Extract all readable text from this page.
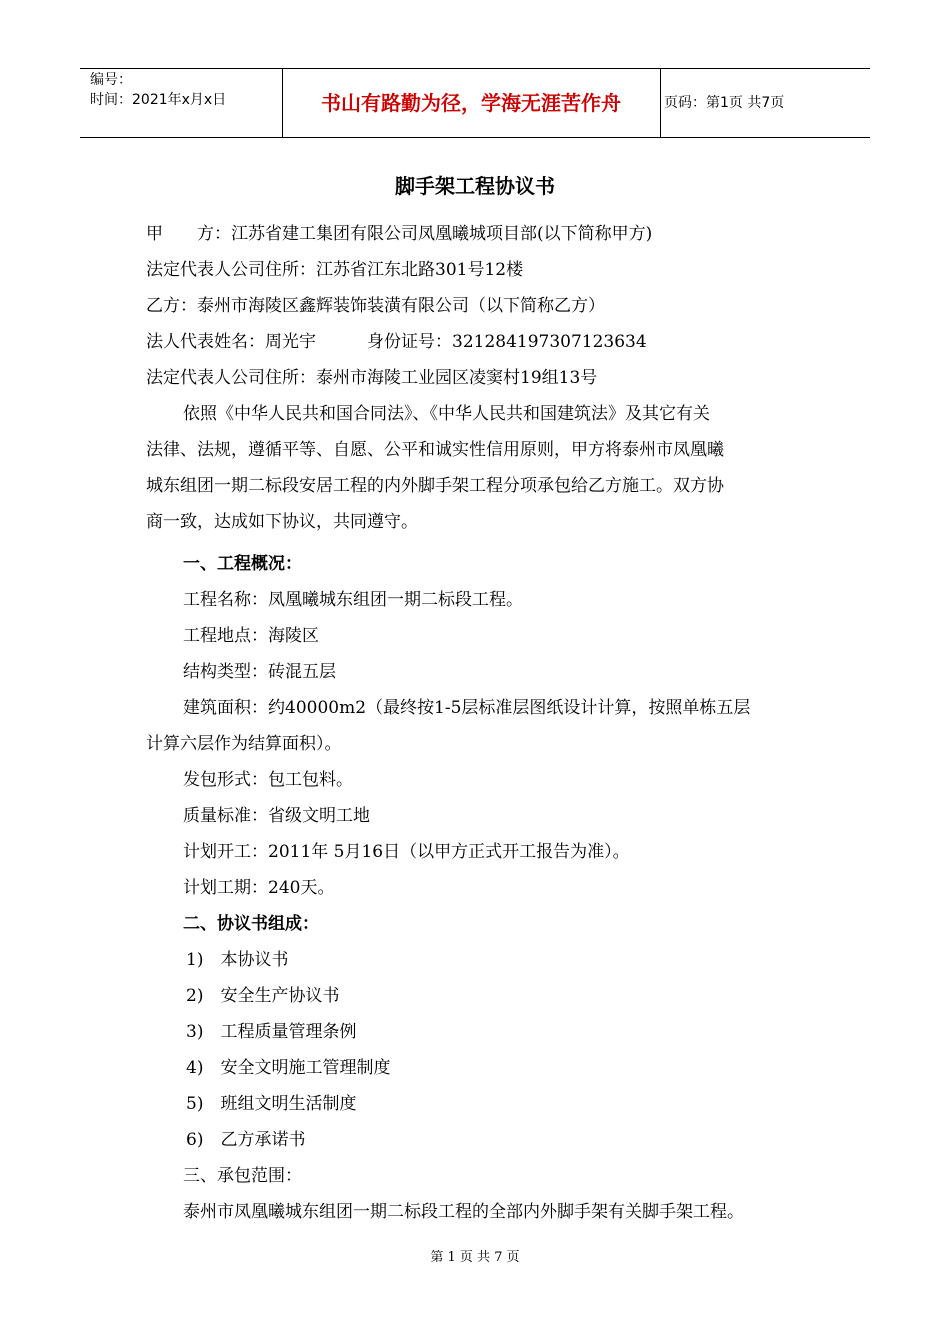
编号：
时间：2021年x月x日	书山有路勤为径，学海无涯苦作舟	页码：第1页 共7页
脚手架工程协议书
甲　　方：江苏省建工集团有限公司凤凰曦城项目部(以下简称甲方)
法定代表人公司住所：江苏省江东北路301号12楼
乙方：泰州市海陵区鑫辉装饰装潢有限公司（以下简称乙方）
法人代表姓名：周光宇　　　身份证号：321284197307123634
法定代表人公司住所：泰州市海陵工业园区凌窦村19组13号
依照《中华人民共和国合同法》、《中华人民共和国建筑法》及其它有关
法律、法规，遵循平等、自愿、公平和诚实性信用原则，甲方将泰州市凤凰曦
城东组团一期二标段安居工程的内外脚手架工程分项承包给乙方施工。双方协
商一致，达成如下协议，共同遵守。
一、工程概况：
工程名称：凤凰曦城东组团一期二标段工程。
工程地点：海陵区
结构类型：砖混五层
建筑面积：约40000m2（最终按1-5层标准层图纸设计计算，按照单栋五层
计算六层作为结算面积）。
发包形式：包工包料。
质量标准：省级文明工地
计划开工：2011年 5月16日（以甲方正式开工报告为准）。
计划工期：240天。
二、协议书组成：
1)　本协议书
2)　安全生产协议书
3)　工程质量管理条例
4)　安全文明施工管理制度
5)　班组文明生活制度
6)　乙方承诺书
三、承包范围：
泰州市凤凰曦城东组团一期二标段工程的全部内外脚手架有关脚手架工程。
第 1 页 共 7 页
